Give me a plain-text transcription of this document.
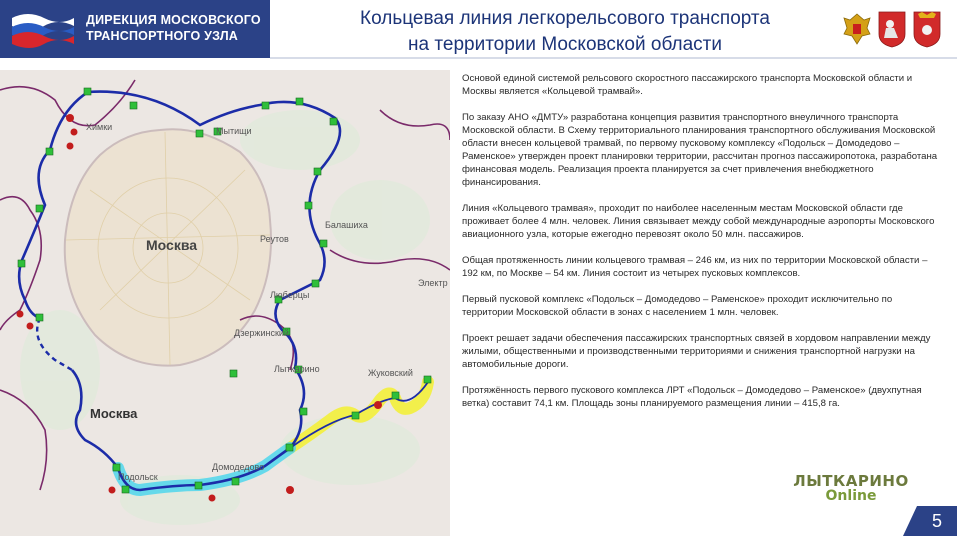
ДИРЕКЦИЯ МОСКОВСКОГО
ТРАНСПОРТНОГО УЗЛА
Кольцевая линия легкорельсового транспорта
на территории Московской области
Москва
Москва
Химки	Мытищи
Балашиха
Реутов
Люберцы
Дзержинский
Лыткарино	Жуковский
Подольск
Домодедово
Электр

Основой единой системой рельсового скоростного пассажирского транспорта Московской области и Москвы является «Кольцевой трамвай».

По заказу АНО «ДМТУ» разработана концепция развития транспортного внеуличного транспорта Московской области. В Схему территориального планирования транспортного обслуживания Московской области внесен кольцевой трамвай, по первому пусковому комплексу «Подольск – Домодедово – Раменское» утвержден проект планировки территории, рассчитан прогноз пассажиропотока, разработана финансовая модель. Реализация проекта планируется за счет привлечения внебюджетного финансирования.

Линия «Кольцевого трамвая», проходит по наиболее населенным местам Московской области где проживает более 4 млн. человек. Линия связывает между собой международные аэропорты Московского авиационного узла, которые ежегодно перевозят около 50 млн. пассажиров.

Общая протяженность линии кольцевого трамвая – 246 км, из них по территории Московской области – 192 км, по Москве – 54 км. Линия состоит из четырех пусковых комплексов.

Первый пусковой комплекс «Подольск – Домодедово – Раменское» проходит исключительно по территории Московской области в зонах с населением 1 млн. человек.

Проект решает задачи обеспечения пассажирских транспортных связей в хордовом направлении между жилыми, общественными и производственными территориями и снижения транспортной нагрузки на автомобильные дороги.

Протяжённость первого пускового комплекса ЛРТ «Подольск – Домодедово – Раменское» (двухпутная ветка) составит 74,1 км. Площадь зоны планируемого размещения линии – 415,8 га.

ЛЫТКАРИНО
Online
5
